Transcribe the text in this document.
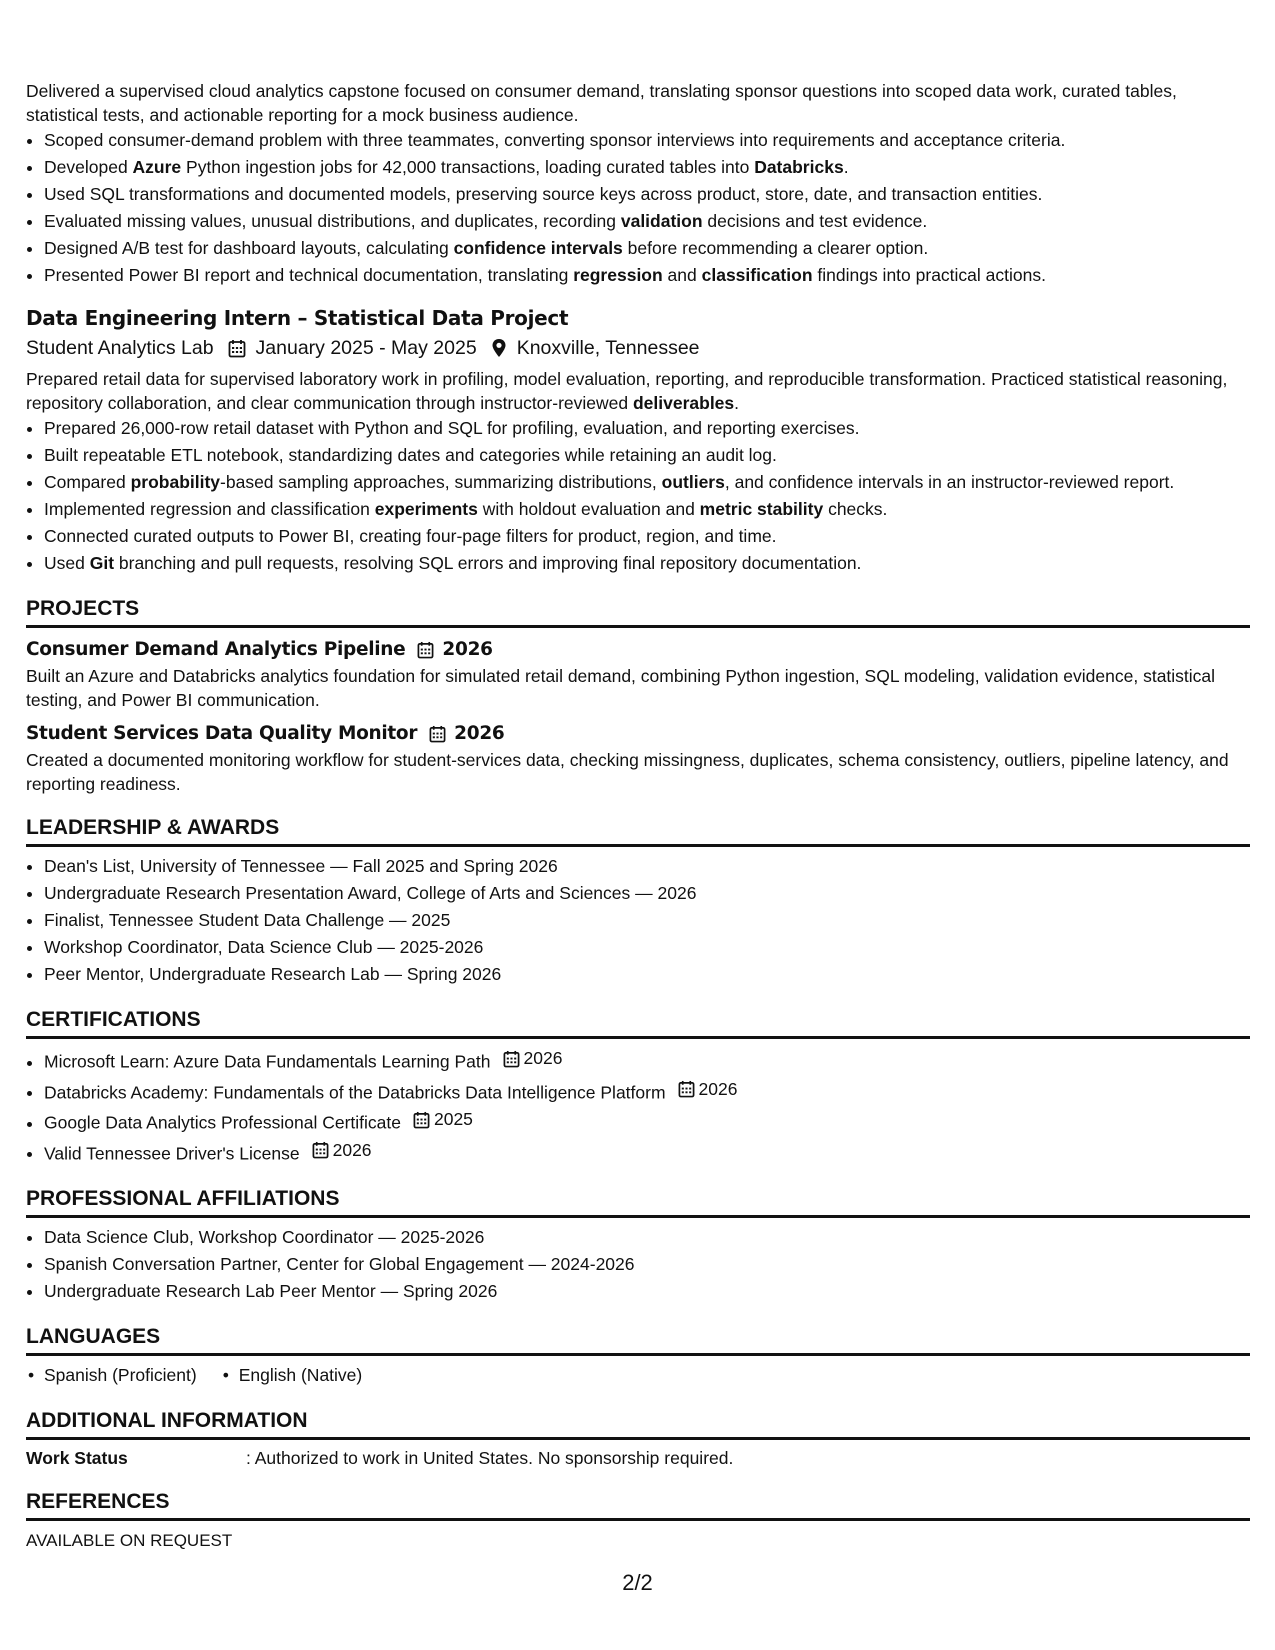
Delivered a supervised cloud analytics capstone focused on consumer demand, translating sponsor questions into scoped data work, curated tables, statistical tests, and actionable reporting for a mock business audience.

• Scoped consumer-demand problem with three teammates, converting sponsor interviews into requirements and acceptance criteria.
• Developed Azure Python ingestion jobs for 42,000 transactions, loading curated tables into Databricks.
• Used SQL transformations and documented models, preserving source keys across product, store, date, and transaction entities.
• Evaluated missing values, unusual distributions, and duplicates, recording validation decisions and test evidence.
• Designed A/B test for dashboard layouts, calculating confidence intervals before recommending a clearer option.
• Presented Power BI report and technical documentation, translating regression and classification findings into practical actions.
Data Engineering Intern – Statistical Data Project
Student Analytics Lab January 2025 - May 2025 Knoxville, Tennessee

Prepared retail data for supervised laboratory work in profiling, model evaluation, reporting, and reproducible transformation. Practiced statistical reasoning, repository collaboration, and clear communication through instructor-reviewed deliverables.

• Prepared 26,000-row retail dataset with Python and SQL for profiling, evaluation, and reporting exercises.
• Built repeatable ETL notebook, standardizing dates and categories while retaining an audit log.
• Compared probability-based sampling approaches, summarizing distributions, outliers, and confidence intervals in an instructor-reviewed report.
• Implemented regression and classification experiments with holdout evaluation and metric stability checks.
• Connected curated outputs to Power BI, creating four-page filters for product, region, and time.
• Used Git branching and pull requests, resolving SQL errors and improving final repository documentation.
PROJECTS
Consumer Demand Analytics Pipeline 2026

Built an Azure and Databricks analytics foundation for simulated retail demand, combining Python ingestion, SQL modeling, validation evidence, statistical testing, and Power BI communication.

Student Services Data Quality Monitor 2026

Created a documented monitoring workflow for student-services data, checking missingness, duplicates, schema consistency, outliers, pipeline latency, and reporting readiness.

LEADERSHIP & AWARDS
• Dean's List, University of Tennessee — Fall 2025 and Spring 2026
• Undergraduate Research Presentation Award, College of Arts and Sciences — 2026
• Finalist, Tennessee Student Data Challenge — 2025
• Workshop Coordinator, Data Science Club — 2025-2026
• Peer Mentor, Undergraduate Research Lab — Spring 2026
CERTIFICATIONS
• Microsoft Learn: Azure Data Fundamentals Learning Path 2026
• Databricks Academy: Fundamentals of the Databricks Data Intelligence Platform 2026
• Google Data Analytics Professional Certificate 2025
• Valid Tennessee Driver's License 2026
PROFESSIONAL AFFILIATIONS
• Data Science Club, Workshop Coordinator — 2025-2026
• Spanish Conversation Partner, Center for Global Engagement — 2024-2026
• Undergraduate Research Lab Peer Mentor — Spring 2026
LANGUAGES
• Spanish (Proficient)
•	English (Native)
ADDITIONAL INFORMATION
Work Status	: Authorized to work in United States. No sponsorship required.
REFERENCES
AVAILABLE ON REQUEST
2/2
